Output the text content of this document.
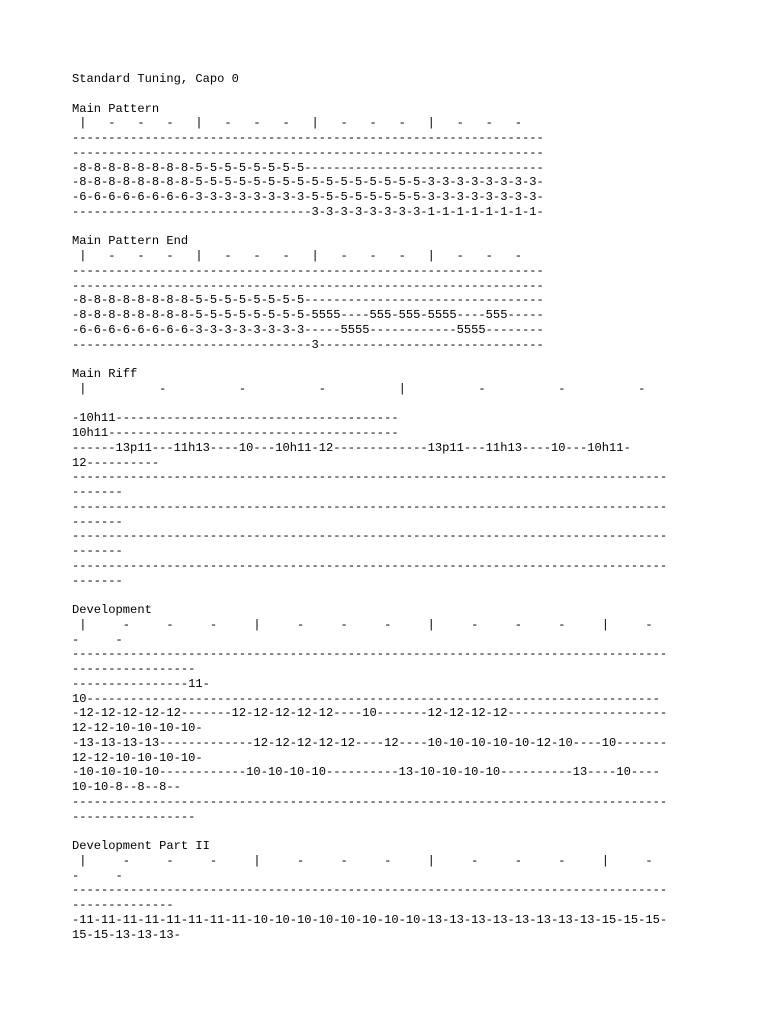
Standard Tuning, Capo 0
Main Pattern
|   -   -   -   |   -   -   -   |   -   -   -   |   -   -   -
-----------------------------------------------------------------
-----------------------------------------------------------------
-8-8-8-8-8-8-8-8-5-5-5-5-5-5-5-5---------------------------------
-8-8-8-8-8-8-8-8-5-5-5-5-5-5-5-5-5-5-5-5-5-5-5-5-3-3-3-3-3-3-3-3-
-6-6-6-6-6-6-6-6-3-3-3-3-3-3-3-3-5-5-5-5-5-5-5-5-3-3-3-3-3-3-3-3-
---------------------------------3-3-3-3-3-3-3-3-1-1-1-1-1-1-1-1-
Main Pattern End
|   -   -   -   |   -   -   -   |   -   -   -   |   -   -   -
-----------------------------------------------------------------
-----------------------------------------------------------------
-8-8-8-8-8-8-8-8-5-5-5-5-5-5-5-5---------------------------------
-8-8-8-8-8-8-8-8-5-5-5-5-5-5-5-5-5555----555-555-5555----555-----
-6-6-6-6-6-6-6-6-3-3-3-3-3-3-3-3-----5555------------5555--------
---------------------------------3-------------------------------
Main Riff
|          -          -          -          |          -          -          -
-10h11---------------------------------------
10h11----------------------------------------
------13p11---11h13----10---10h11-12-------------13p11---11h13----10---10h11-
12----------
----------------------------------------------------------------------------------
-------
----------------------------------------------------------------------------------
-------
----------------------------------------------------------------------------------
-------
----------------------------------------------------------------------------------
-------
Development
|     -     -     -     |     -     -     -     |     -     -     -     |     -
-     -
----------------------------------------------------------------------------------
-----------------
----------------11-
10-------------------------------------------------------------------------------
-12-12-12-12-12-------12-12-12-12-12----10-------12-12-12-12----------------------
12-12-10-10-10-10-
-13-13-13-13-------------12-12-12-12-12----12----10-10-10-10-10-12-10----10-------
12-12-10-10-10-10-
-10-10-10-10------------10-10-10-10----------13-10-10-10-10----------13----10----
10-10-8--8--8--
----------------------------------------------------------------------------------
-----------------
Development Part II
|     -     -     -     |     -     -     -     |     -     -     -     |     -
-     -
----------------------------------------------------------------------------------
--------------
-11-11-11-11-11-11-11-11-10-10-10-10-10-10-10-10-13-13-13-13-13-13-13-13-15-15-15-
15-15-13-13-13-
